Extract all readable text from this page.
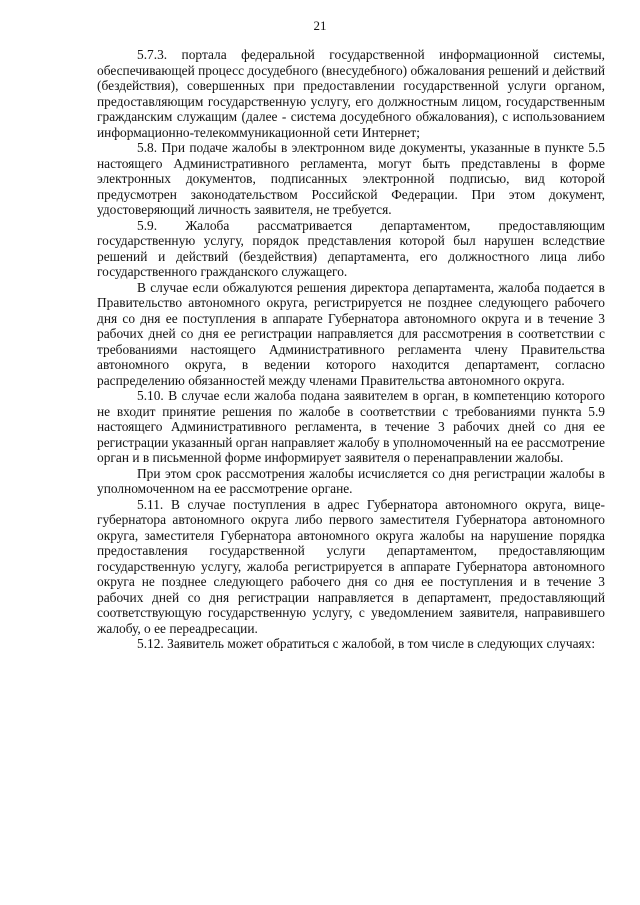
21

5.7.3. портала федеральной государственной информационной системы, обеспечивающей процесс досудебного (внесудебного) обжалования решений и действий (бездействия), совершенных при предоставлении государственной услуги органом, предоставляющим государственную услугу, его должностным лицом, государственным гражданским служащим (далее - система досудебного обжалования), с использованием информационно-телекоммуникационной сети Интернет;

5.8. При подаче жалобы в электронном виде документы, указанные в пункте 5.5 настоящего Административного регламента, могут быть представлены в форме электронных документов, подписанных электронной подписью, вид которой предусмотрен законодательством Российской Федерации. При этом документ, удостоверяющий личность заявителя, не требуется.

5.9. Жалоба рассматривается департаментом, предоставляющим государственную услугу, порядок представления которой был нарушен вследствие решений и действий (бездействия) департамента, его должностного лица либо государственного гражданского служащего.

В случае если обжалуются решения директора департамента, жалоба подается в Правительство автономного округа, регистрируется не позднее следующего рабочего дня со дня ее поступления в аппарате Губернатора автономного округа и в течение 3 рабочих дней со дня ее регистрации направляется для рассмотрения в соответствии с требованиями настоящего Административного регламента члену Правительства автономного округа, в ведении которого находится департамент, согласно распределению обязанностей между членами Правительства автономного округа.

5.10. В случае если жалоба подана заявителем в орган, в компетенцию которого не входит принятие решения по жалобе в соответствии с требованиями пункта 5.9 настоящего Административного регламента, в течение 3 рабочих дней со дня ее регистрации указанный орган направляет жалобу в уполномоченный на ее рассмотрение орган и в письменной форме информирует заявителя о перенаправлении жалобы.

При этом срок рассмотрения жалобы исчисляется со дня регистрации жалобы в уполномоченном на ее рассмотрение органе.

5.11. В случае поступления в адрес Губернатора автономного округа, вице-губернатора автономного округа либо первого заместителя Губернатора автономного округа, заместителя Губернатора автономного округа жалобы на нарушение порядка предоставления государственной услуги департаментом, предоставляющим государственную услугу, жалоба регистрируется в аппарате Губернатора автономного округа не позднее следующего рабочего дня со дня ее поступления и в течение 3 рабочих дней со дня регистрации направляется в департамент, предоставляющий соответствующую государственную услугу, с уведомлением заявителя, направившего жалобу, о ее переадресации.

5.12. Заявитель может обратиться с жалобой, в том числе в следующих случаях:
